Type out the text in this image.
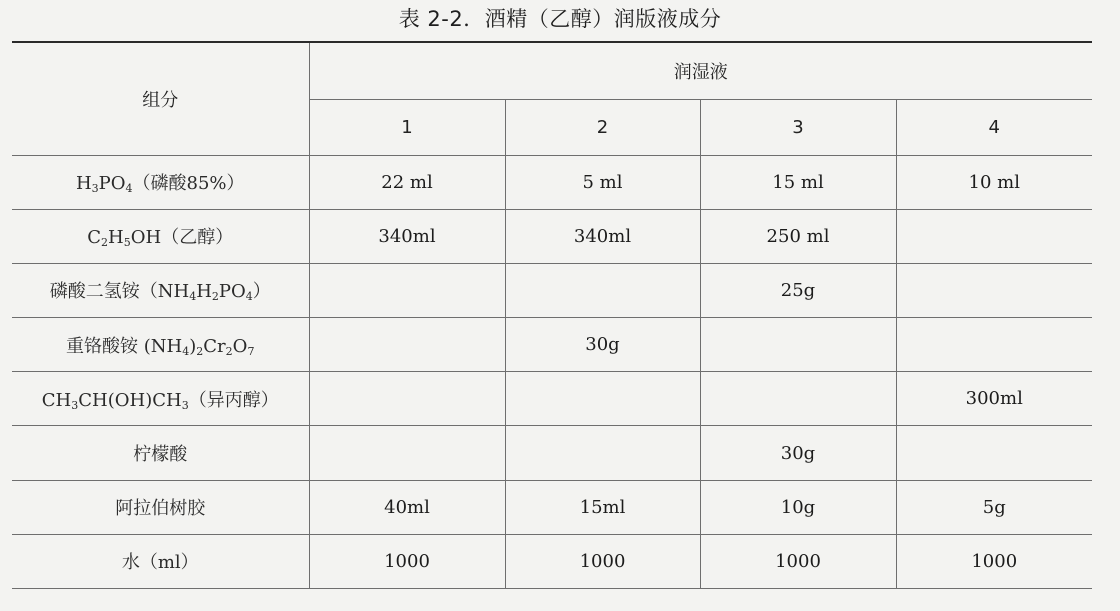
表 2-2．酒精（乙醇）润版液成分
组分	润湿液			
	1	2	3	4
$H_3PO_4$（磷酸85%）	22 ml	5 ml	15 ml	10 ml
$C_2H_5OH$（乙醇）	340ml	340ml	250 ml	
磷酸二氢铵$(NH_4H_2PO_4)$			25g	
重铬酸铵 $(NH_4)_2Cr_2O_7$		30g		
$CH_3CH(OH)CH_3$（异丙醇）				300ml
柠檬酸			30g	
阿拉伯树胶	40ml	15ml	10g	5g
水（ml）	1000	1000	1000	1000
